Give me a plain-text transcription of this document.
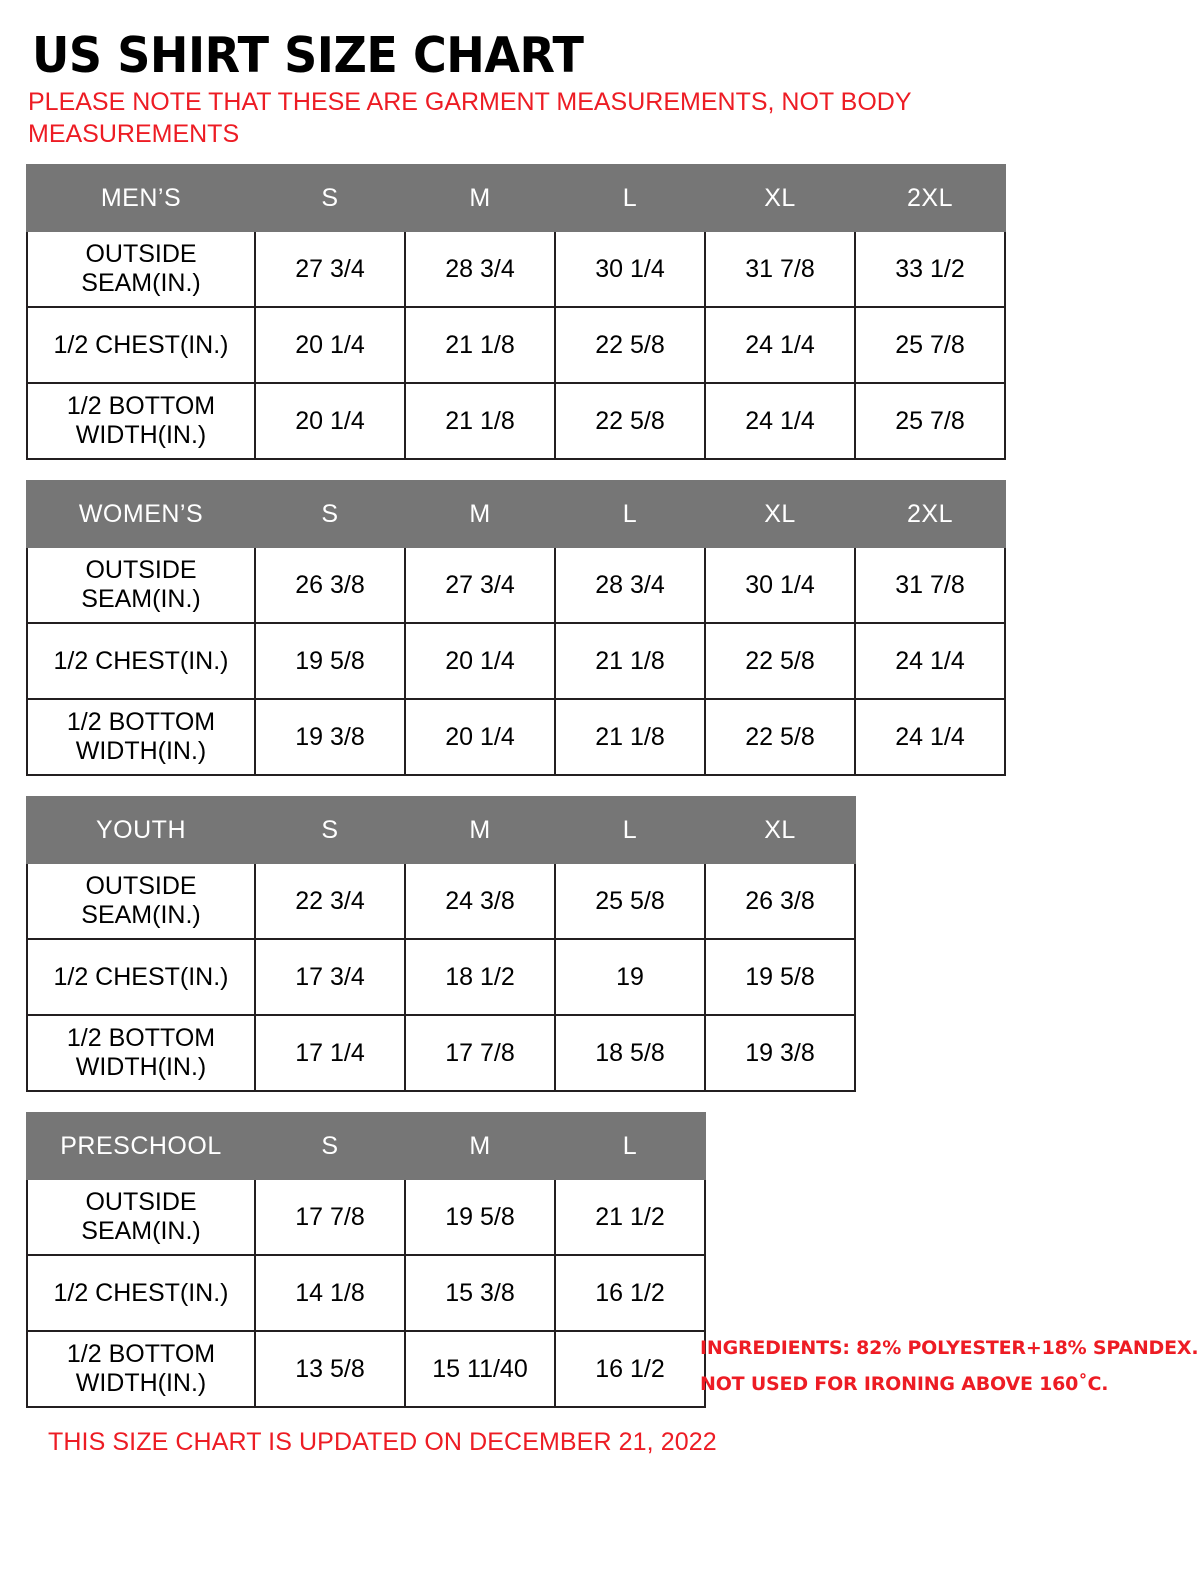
US SHIRT SIZE CHART
PLEASE NOTE THAT THESE ARE GARMENT MEASUREMENTS, NOT BODY MEASUREMENTS
MEN’S	S	M	L	XL	2XL
OUTSIDE SEAM(IN.)	27 3/4	28 3/4	30 1/4	31 7/8	33 1/2
1/2 CHEST(IN.)	20 1/4	21 1/8	22 5/8	24 1/4	25 7/8
1/2 BOTTOM WIDTH(IN.)	20 1/4	21 1/8	22 5/8	24 1/4	25 7/8
WOMEN’S	S	M	L	XL	2XL
OUTSIDE SEAM(IN.)	26 3/8	27 3/4	28 3/4	30 1/4	31 7/8
1/2 CHEST(IN.)	19 5/8	20 1/4	21 1/8	22 5/8	24 1/4
1/2 BOTTOM WIDTH(IN.)	19 3/8	20 1/4	21 1/8	22 5/8	24 1/4
YOUTH	S	M	L	XL
OUTSIDE SEAM(IN.)	22 3/4	24 3/8	25 5/8	26 3/8
1/2 CHEST(IN.)	17 3/4	18 1/2	19	19 5/8
1/2 BOTTOM WIDTH(IN.)	17 1/4	17 7/8	18 5/8	19 3/8
PRESCHOOL	S	M	L
OUTSIDE SEAM(IN.)	17 7/8	19 5/8	21 1/2
1/2 CHEST(IN.)	14 1/8	15 3/8	16 1/2
1/2 BOTTOM WIDTH(IN.)	13 5/8	15 11/40	16 1/2
THIS SIZE CHART IS UPDATED ON DECEMBER 21, 2022
INGREDIENTS: 82% POLYESTER+18% SPANDEX.
NOT USED FOR IRONING ABOVE 160˚C.
